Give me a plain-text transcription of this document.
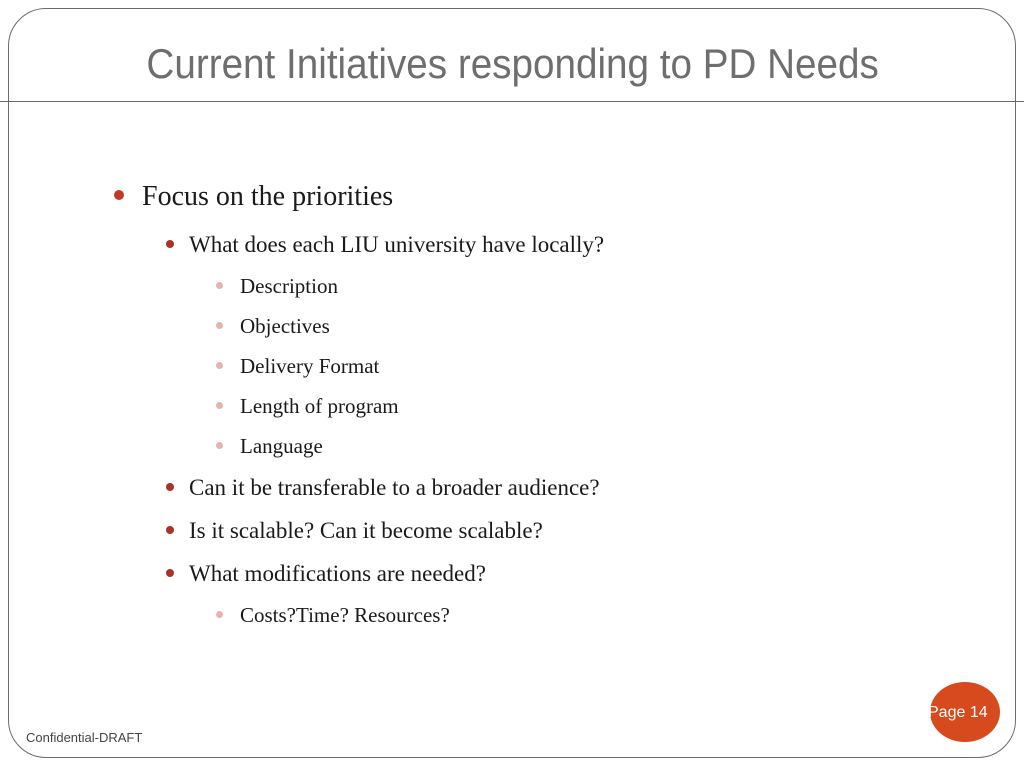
Current Initiatives responding to PD Needs
Focus on the priorities
What does each LIU university have locally?
Description
Objectives
Delivery Format
Length of program
Language
Can it be transferable to a broader audience?
Is it scalable? Can it become scalable?
What modifications are needed?
Costs?Time? Resources?
Confidential-DRAFT
Page 14
